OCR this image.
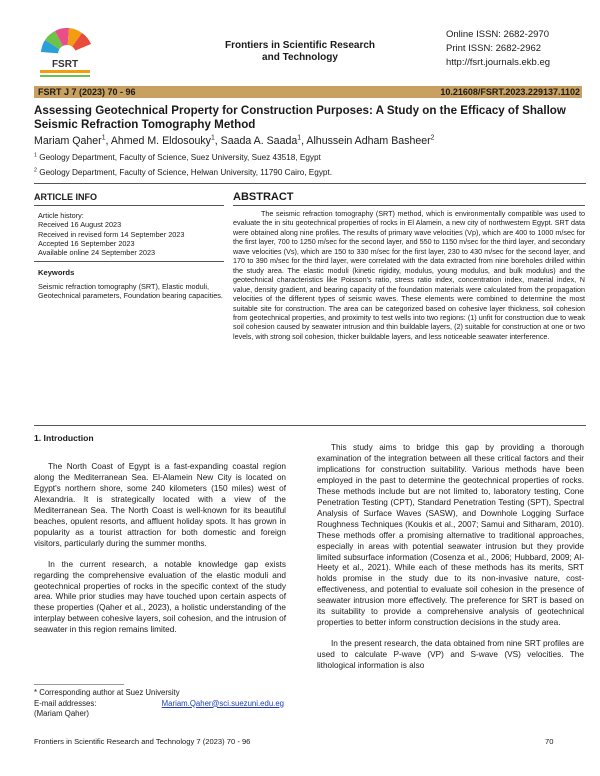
FSRT
Frontiers in Scientific Research and Technology
Online ISSN: 2682-2970
Print ISSN: 2682-2962
http://fsrt.journals.ekb.eg
FSRT J 7 (2023) 70 - 96	10.21608/FSRT.2023.229137.1102
Assessing Geotechnical Property for Construction Purposes: A Study on the Efficacy of Shallow Seismic Refraction Tomography Method
Mariam Qaher$^1$, Ahmed M. Eldosouky$^1$, Saada A. Saada$^1$, Alhussein Adham Basheer$^2$
$^1$ Geology Department, Faculty of Science, Suez University, Suez 43518, Egypt
$^2$ Geology Department, Faculty of Science, Helwan University, 11790 Cairo, Egypt.
ARTICLE INFO	ABSTRACT
Article history:
Received 16 August 2023
Received in revised form 14 September 2023
Accepted 16 September 2023
Available online 24 September 2023
Keywords
Seismic refraction tomography (SRT), Elastic moduli, Geotechnical parameters, Foundation bearing capacities.
The seismic refraction tomography (SRT) method, which is environmentally compatible was used to evaluate the in situ geotechnical properties of rocks in El Alamein, a new city of northwestern Egypt. SRT data were obtained along nine profiles. The results of primary wave velocities (Vp), which are 400 to 1000 m/sec for the first layer, 700 to 1250 m/sec for the second layer, and 550 to 1150 m/sec for the third layer, and secondary wave velocities (Vs), which are 150 to 330 m/sec for the first layer, 230 to 430 m/sec for the second layer, and 170 to 390 m/sec for the third layer, were correlated with the data extracted from nine boreholes drilled within the study area. The elastic moduli (kinetic rigidity, modulus, young modulus, and bulk modulus) and the geotechnical characteristics like Poisson's ratio, stress ratio index, concentration index, material index, N value, density gradient, and bearing capacity of the foundation materials were calculated from the propagation velocities of the different types of seismic waves. These elements were combined to determine the most suitable site for construction. The area can be categorized based on cohesive layer thickness, soil cohesion from geotechnical properties, and proximity to test wells into two regions: (1) unfit for construction due to weak soil cohesion caused by seawater intrusion and thin buildable layers, (2) suitable for construction at one or two levels, with strong soil cohesion, thicker buildable layers, and less noticeable seawater interference.
1. Introduction

The North Coast of Egypt is a fast-expanding coastal region along the Mediterranean Sea. El-Alamein New City is located on Egypt's northern shore, some 240 kilometers (150 miles) west of Alexandria. It is strategically located with a view of the Mediterranean Sea. The North Coast is well-known for its beautiful beaches, opulent resorts, and affluent holiday spots. It has grown in popularity as a tourist attraction for both domestic and foreign visitors, particularly during the summer months.

In the current research, a notable knowledge gap exists regarding the comprehensive evaluation of the elastic moduli and geotechnical properties of rocks in the specific context of the study area. While prior studies may have touched upon certain aspects of these properties (Qaher et al., 2023), a holistic understanding of the interplay between cohesive layers, soil cohesion, and the intrusion of seawater in this region remains limited.

This study aims to bridge this gap by providing a thorough examination of the integration between all these critical factors and their implications for construction suitability. Various methods have been employed in the past to determine the geotechnical properties of rocks. These methods include but are not limited to, laboratory testing, Cone Penetration Testing (CPT), Standard Penetration Testing (SPT), Spectral Analysis of Surface Waves (SASW), and Downhole Logging Surface Roughness Techniques (Koukis et al., 2007; Samui and Sitharam, 2010). These methods offer a promising alternative to traditional approaches, especially in areas with potential seawater intrusion but they provide limited subsurface information (Cosenza et al., 2006; Hubbard, 2009; Al-Heety et al., 2021). While each of these methods has its merits, SRT holds promise in the study due to its non-invasive nature, cost-effectiveness, and potential to evaluate soil cohesion in the presence of seawater intrusion more effectively. The preference for SRT is based on its suitability to provide a comprehensive analysis of geotechnical properties to better inform construction decisions in the study area.

In the present research, the data obtained from nine SRT profiles are used to calculate P-wave (VP) and S-wave (VS) velocities. The lithological information is also

* Corresponding author at Suez University
E-mail addresses:	Mariam.Qaher@sci.suezuni.edu.eg
(Mariam Qaher)
Frontiers in Scientific Research and Technology 7 (2023) 70 - 96	70
